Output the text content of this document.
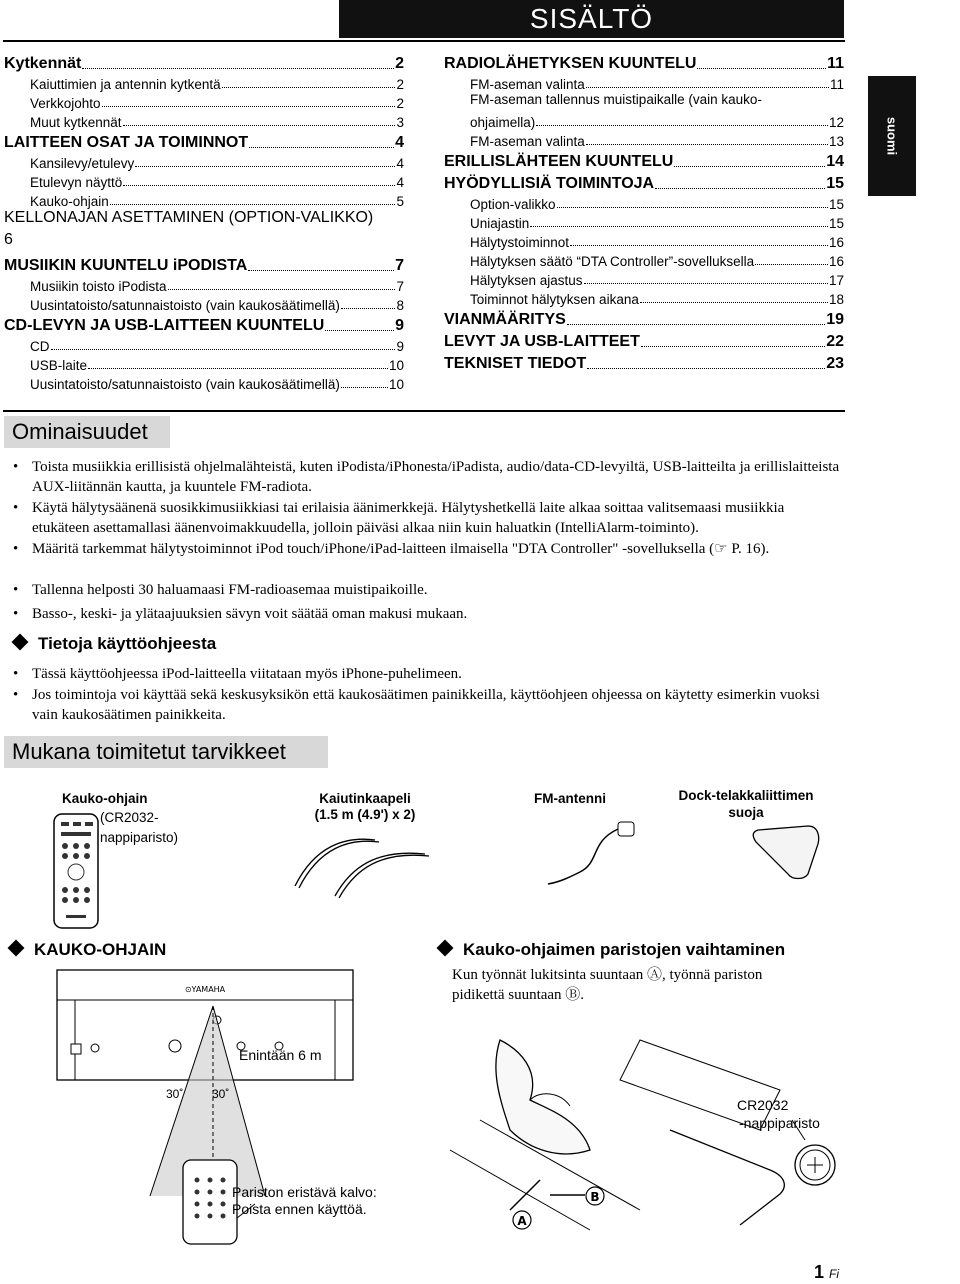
SISÄLTÖ
suomi
Kytkennät	2
Kaiuttimien ja antennin kytkentä	2
Verkkojohto	2
Muut kytkennät	3
LAITTEEN OSAT JA TOIMINNOT	4
Kansilevy/etulevy	4
Etulevyn näyttö	4
Kauko-ohjain	5
KELLONAJAN ASETTAMINEN (OPTION-VALIKKO)
6
MUSIIKIN KUUNTELU iPODISTA	7
Musiikin toisto iPodista	7
Uusintatoisto/satunnaistoisto (vain kaukosäätimellä)	8
CD-LEVYN JA USB-LAITTEEN KUUNTELU	9
CD	9
USB-laite	10
Uusintatoisto/satunnaistoisto (vain kaukosäätimellä)	10
RADIOLÄHETYKSEN KUUNTELU	11
FM-aseman valinta	11
FM-aseman tallennus muistipaikalle (vain kauko-
ohjaimella)	12
FM-aseman valinta	13
ERILLISLÄHTEEN KUUNTELU	14
HYÖDYLLISIÄ TOIMINTOJA	15
Option-valikko	15
Uniajastin	15
Hälytystoiminnot	16
Hälytyksen säätö “DTA Controller”-sovelluksella	16
Hälytyksen ajastus	17
Toiminnot hälytyksen aikana	18
VIANMÄÄRITYS	19
LEVYT JA USB-LAITTEET	22
TEKNISET TIEDOT	23
Ominaisuudet
• Toista musiikkia erillisistä ohjelmalähteistä, kuten iPodista/iPhonesta/iPadista, audio/data-CD-levyiltä, USB-laitteilta ja erillislaitteista AUX-liitännän kautta, ja kuuntele FM-radiota.
• Käytä hälytysäänenä suosikkimusiikkiasi tai erilaisia äänimerkkejä. Hälytyshetkellä laite alkaa soittaa valitsemaasi musiikkia etukäteen asettamallasi äänenvoimakkuudella, jolloin päiväsi alkaa niin kuin haluatkin (IntelliAlarm-toiminto).
• Määritä tarkemmat hälytystoiminnot iPod touch/iPhone/iPad-laitteen ilmaisella "DTA Controller" -sovelluksella (☞ P. 16).
• Tallenna helposti 30 haluamaasi FM-radioasemaa muistipaikoille.
• Basso-, keski- ja ylätaajuuksien sävyn voit säätää oman makusi mukaan.
Tietoja käyttöohjeesta
• Tässä käyttöohjeessa iPod-laitteella viitataan myös iPhone-puhelimeen.
• Jos toimintoja voi käyttää sekä keskusyksikön että kaukosäätimen painikkeilla, käyttöohjeen ohjeessa on käytetty esimerkin vuoksi vain kaukosäätimen painikkeita.
Mukana toimitetut tarvikkeet
Kauko-ohjain
(CR2032-
nappiparisto)
Kaiutinkaapeli
(1.5 m (4.9') x 2)
FM-antenni	Dock-telakkaliittimen
suoja
KAUKO-OHJAIN
⊙YAMAHA
Enintään 6 m
30˚ 30˚
Pariston eristävä kalvo:
Poista ennen käyttöä.
Kauko-ohjaimen paristojen vaihtaminen
Kun työnnät lukitsinta suuntaan Ⓐ, työnnä pariston
pidikettä suuntaan Ⓑ.
A
B
CR2032
-nappiparisto
1 Fi
